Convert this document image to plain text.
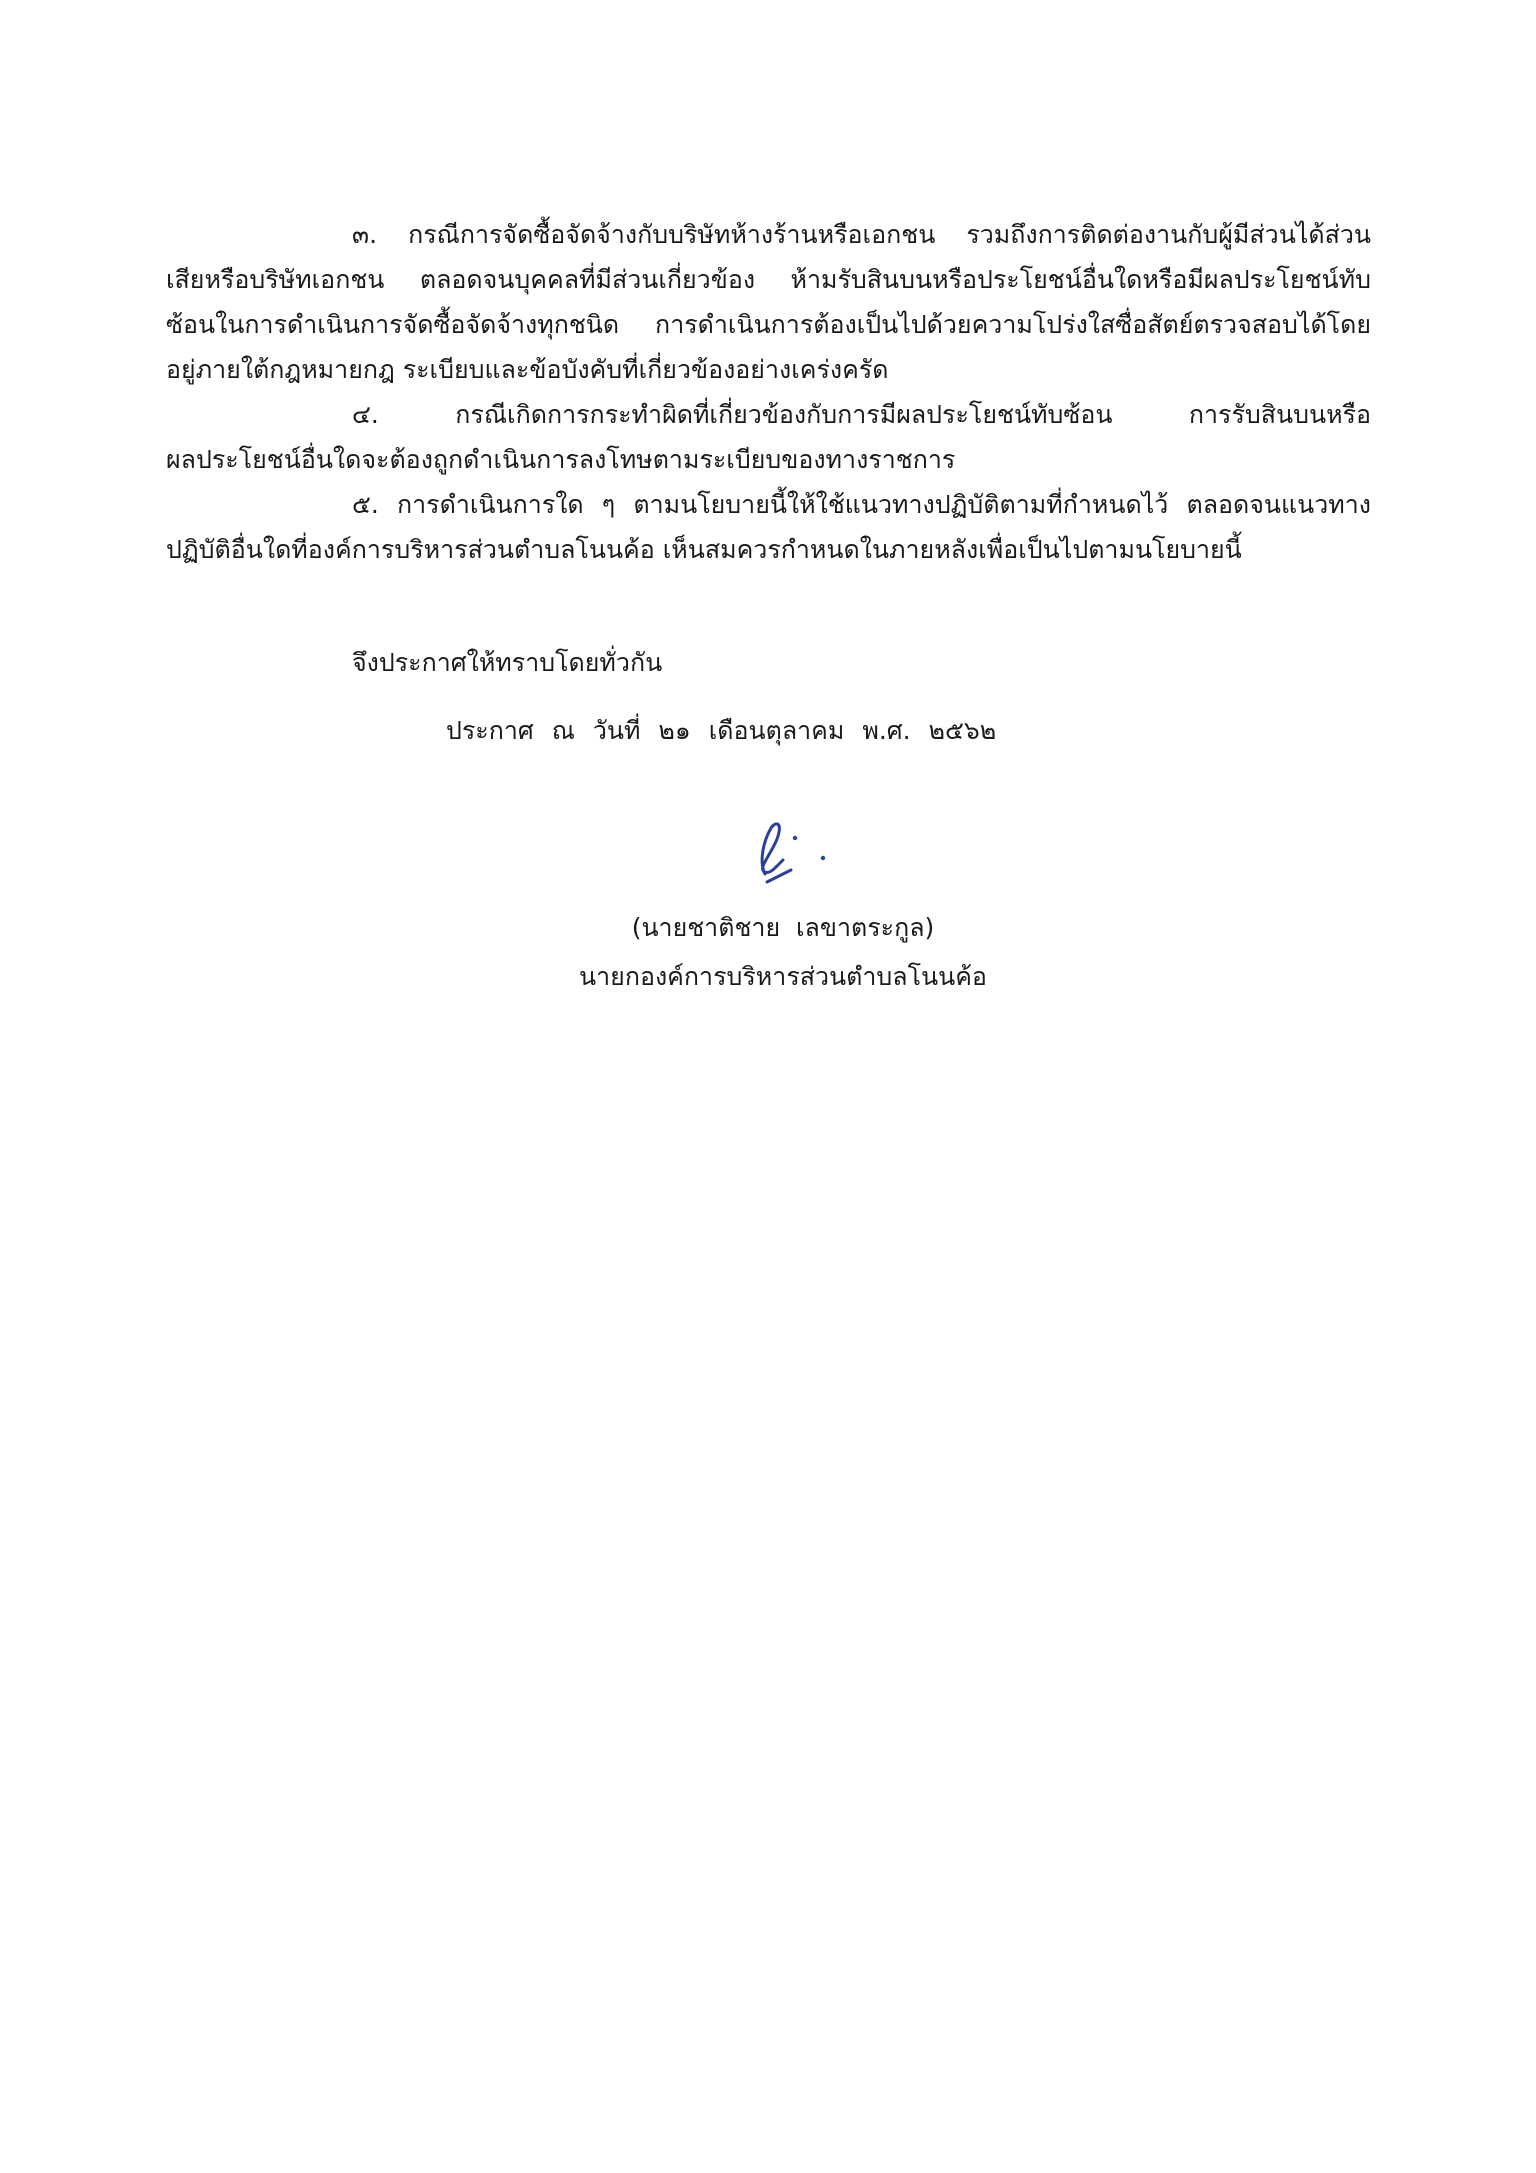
๓. กรณีการจัดซื้อจัดจ้างกับบริษัทห้างร้านหรือเอกชน รวมถึงการติดต่องานกับผู้มีส่วนได้ส่วน
เสียหรือบริษัทเอกชน ตลอดจนบุคคลที่มีส่วนเกี่ยวข้อง ห้ามรับสินบนหรือประโยชน์อื่นใดหรือมีผลประโยชน์ทับ
ซ้อนในการดำเนินการจัดซื้อจัดจ้างทุกชนิด การดำเนินการต้องเป็นไปด้วยความโปร่งใสซื่อสัตย์ตรวจสอบได้โดย
อยู่ภายใต้กฎหมายกฎ ระเบียบและข้อบังคับที่เกี่ยวข้องอย่างเคร่งครัด
๔. กรณีเกิดการกระทำผิดที่เกี่ยวข้องกับการมีผลประโยชน์ทับซ้อน การรับสินบนหรือ
ผลประโยชน์อื่นใดจะต้องถูกดำเนินการลงโทษตามระเบียบของทางราชการ
๕. การดำเนินการใด ๆ ตามนโยบายนี้ให้ใช้แนวทางปฏิบัติตามที่กำหนดไว้ ตลอดจนแนวทาง
ปฏิบัติอื่นใดที่องค์การบริหารส่วนตำบลโนนค้อ เห็นสมควรกำหนดในภายหลังเพื่อเป็นไปตามนโยบายนี้
จึงประกาศให้ทราบโดยทั่วกัน
ประกาศ ณ วันที่ ๒๑ เดือนตุลาคม พ.ศ. ๒๕๖๒
(นายชาติชาย  เลขาตระกูล)
นายกองค์การบริหารส่วนตำบลโนนค้อ
